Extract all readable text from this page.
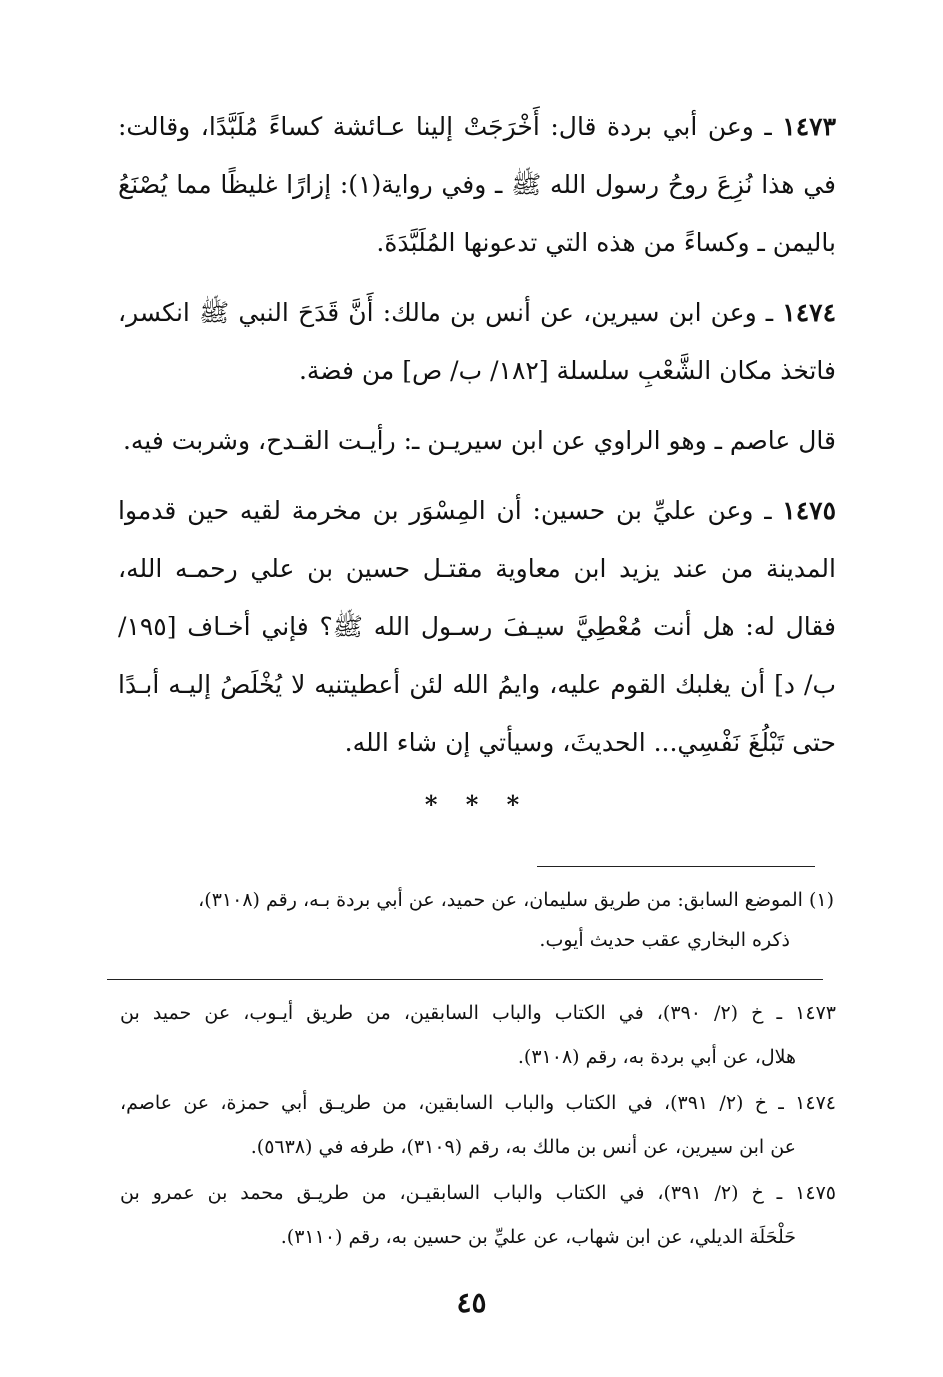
١٤٧٣ ـ وعن أبي بردة قال: أَخْرَجَتْ إلينا عـائشة كساءً مُلَبَّدًا، وقالت: في هذا نُزِعَ روحُ رسول الله ﷺ ـ وفي رواية(١): إزارًا غليظًا مما يُصْنَعُ باليمن ـ وكساءً من هذه التي تدعونها المُلَبَّدَةَ.

١٤٧٤ ـ وعن ابن سيرين، عن أنس بن مالك: أَنَّ قَدَحَ النبي ﷺ انكسر، فاتخذ مكان الشَّعْبِ سلسلة [١٨٢/ ب/ ص] من فضة.

قال عاصم ـ وهو الراوي عن ابن سيريـن ـ: رأيـت القـدح، وشربت فيه.

١٤٧٥ ـ وعن عليِّ بن حسين: أن المِسْوَر بن مخرمة لقيه حين قدموا المدينة من عند يزيد ابن معاوية مقتـل حسين بن علي رحمـه الله، فقال له: هل أنت مُعْطِيَّ سيـفَ رسـول الله ﷺ؟ فإني أخـاف [١٩٥/ ب/ د] أن يغلبك القوم عليه، وايمُ الله لئن أعطيتنيه لا يُخْلَصُ إليـه أبـدًا حتى تَبْلُغَ نَفْسِي... الحديثَ، وسيأتي إن شاء الله.

* * *

(١) الموضع السابق: من طريق سليمان، عن حميد، عن أبي بردة بـه، رقم (٣١٠٨)،

ذكره البخاري عقب حديث أيوب.

١٤٧٣ ـ خ (٢/ ٣٩٠)، في الكتاب والباب السابقين، من طريق أيـوب، عن حميد بن
هلال، عن أبي بردة به، رقم (٣١٠٨).
١٤٧٤ ـ خ (٢/ ٣٩١)، في الكتاب والباب السابقين، من طريـق أبي حمزة، عن عاصم،
عن ابن سيرين، عن أنس بن مالك به، رقم (٣١٠٩)، طرفه في (٥٦٣٨).
١٤٧٥ ـ خ (٢/ ٣٩١)، في الكتاب والباب السابقيـن، من طريـق محمد بن عمرو بن
حَلْحَلَة الديلي، عن ابن شهاب، عن عليِّ بن حسين به، رقم (٣١١٠).
٤٥
